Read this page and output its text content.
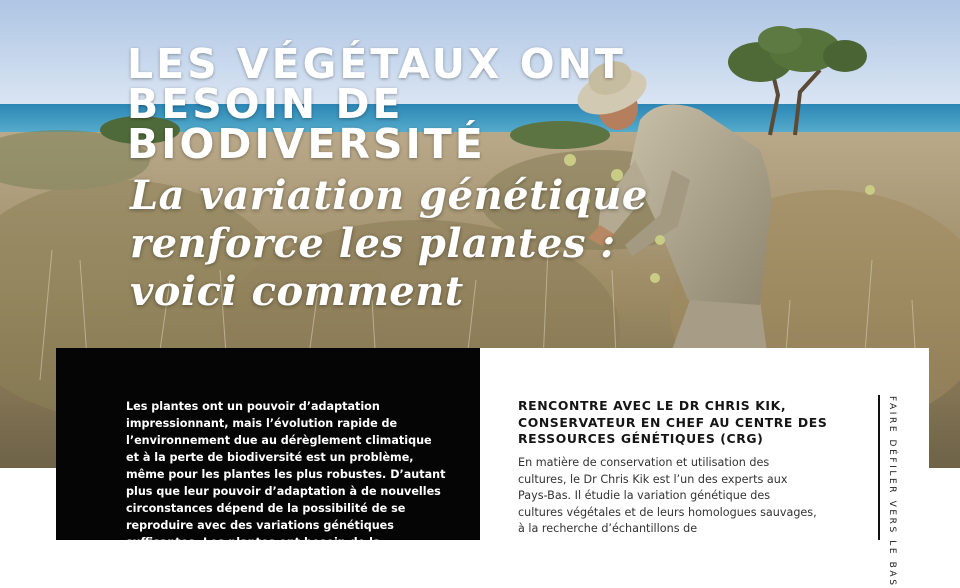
LES VÉGÉTAUX ONT BESOIN DE BIODIVERSITÉ
La variation génétique renforce les plantes : voici comment

Les plantes ont un pouvoir d’adaptation impressionnant, mais l’évolution rapide de l’environnement due au dérèglement climatique et à la perte de biodiversité est un problème, même pour les plantes les plus robustes. D’autant plus que leur pouvoir d’adaptation à de nouvelles circonstances dépend de la possibilité de se reproduire avec des variations génétiques suffisantes. Les plantes ont besoin de la

RENCONTRE AVEC LE DR CHRIS KIK, CONSERVATEUR EN CHEF AU CENTRE DES RESSOURCES GÉNÉTIQUES (CRG)

En matière de conservation et utilisation des cultures, le Dr Chris Kik est l’un des experts aux Pays-Bas. Il étudie la variation génétique des cultures végétales et de leurs homologues sauvages, à la recherche d’échantillons de	FAIRE DÉFILER VERS LE BAS
